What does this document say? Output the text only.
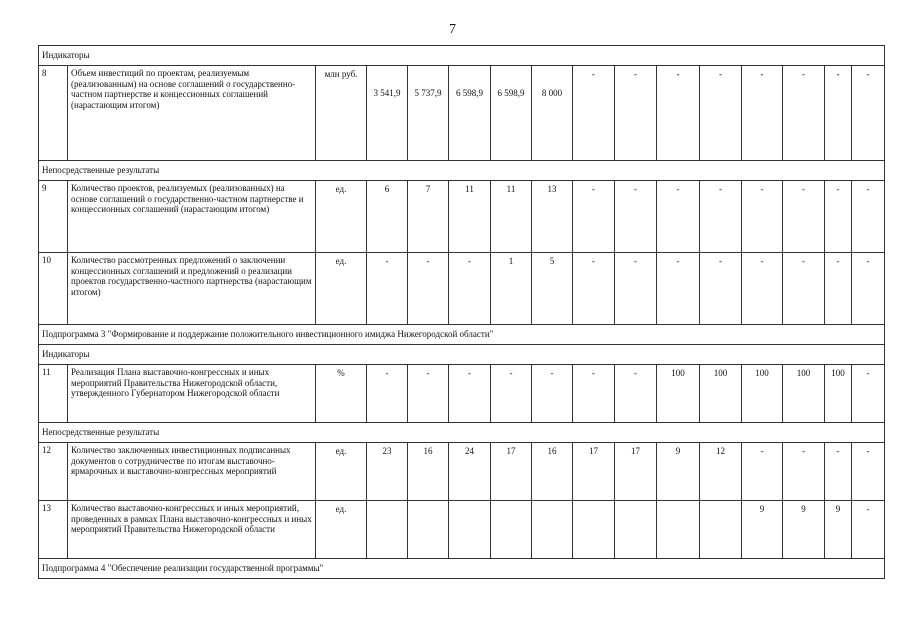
7
Индикаторы															
8	Объем инвестиций по проектам, реализуемым (реализованным) на основе соглашений о государственно-частном партнерстве и концессионных соглашений (нарастающим итогом)	млн руб.	3 541,9	5 737,9	6 598,9	6 598,9	8 000	-	-	-	-	-	-	-	-
Непосредственные результаты															
9	Количество проектов, реализуемых (реализованных) на основе соглашений о государственно-частном партнерстве и концессионных соглашений (нарастающим итогом)	ед.	6	7	11	11	13	-	-	-	-	-	-	-	-
10	Количество рассмотренных предложений о заключении концессионных соглашений и предложений о реализации проектов государственно-частного партнерства (нарастающим итогом)	ед.	-	-	-	1	5	-	-	-	-	-	-	-	-
Подпрограмма 3 "Формирование и поддержание положительного инвестиционного имиджа Нижегородской области"															
Индикаторы															
11	Реализация Плана выставочно-конгрессных и иных мероприятий Правительства Нижегородской области, утвержденного Губернатором Нижегородской области	%	-	-	-	-	-	-	-	100	100	100	100	100	-
Непосредственные результаты															
12	Количество заключенных инвестиционных подписанных документов о сотрудничестве по итогам выставочно-ярмарочных и выставочно-конгрессных мероприятий	ед.	23	16	24	17	16	17	17	9	12	-	-	-	-
13	Количество выставочно-конгрессных и иных мероприятий, проведенных в рамках Плана выставочно-конгрессных и иных мероприятий Правительства Нижегородской области	ед.										9	9	9	-
Подпрограмма 4 "Обеспечение реализации государственной программы"															
